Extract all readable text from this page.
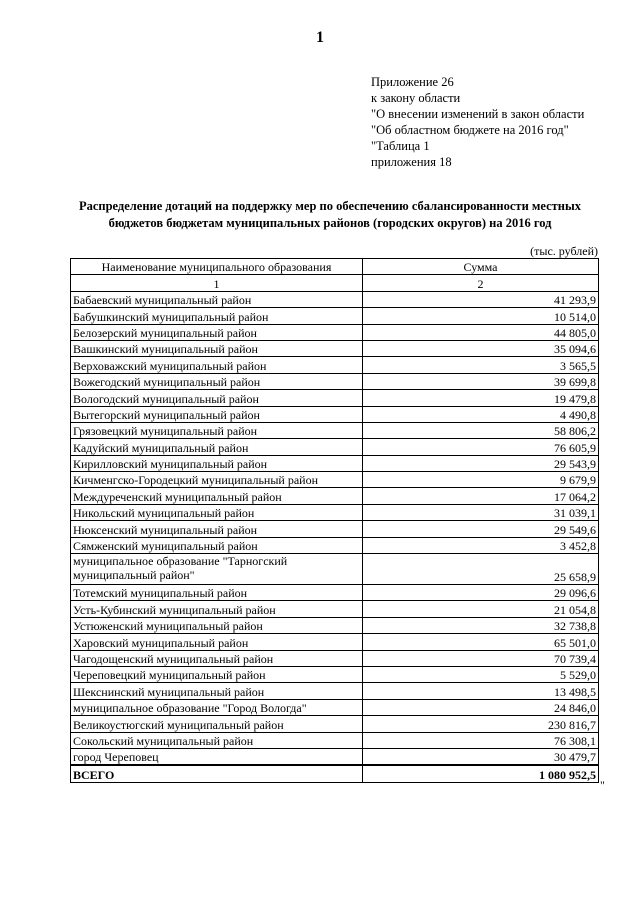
1
Приложение 26
к закону области
"О внесении изменений в закон области
"Об областном бюджете на 2016 год"
"Таблица 1
приложения 18
Распределение дотаций на поддержку мер по обеспечению сбалансированности местных
бюджетов бюджетам муниципальных районов (городских округов) на 2016 год
(тыс. рублей)
Наименование муниципального образования	Сумма
1	2
Бабаевский муниципальный район	41 293,9
Бабушкинский муниципальный район	10 514,0
Белозерский муниципальный район	44 805,0
Вашкинский муниципальный район	35 094,6
Верховажский муниципальный район	3 565,5
Вожегодский муниципальный район	39 699,8
Вологодский муниципальный район	19 479,8
Вытегорский муниципальный район	4 490,8
Грязовецкий муниципальный район	58 806,2
Кадуйский муниципальный район	76 605,9
Кирилловский муниципальный район	29 543,9
Кичменгско-Городецкий муниципальный район	9 679,9
Междуреченский муниципальный район	17 064,2
Никольский муниципальный район	31 039,1
Нюксенский муниципальный район	29 549,6
Сямженский муниципальный район	3 452,8
муниципальное образование "Тарногский муниципальный район"	25 658,9
Тотемский муниципальный район	29 096,6
Усть-Кубинский муниципальный район	21 054,8
Устюженский муниципальный район	32 738,8
Харовский муниципальный район	65 501,0
Чагодощенский муниципальный район	70 739,4
Череповецкий муниципальный район	5 529,0
Шекснинский муниципальный район	13 498,5
муниципальное образование "Город Вологда"	24 846,0
Великоустюгский муниципальный район	230 816,7
Сокольский муниципальный район	76 308,1
город Череповец	30 479,7
ВСЕГО	1 080 952,5
"
